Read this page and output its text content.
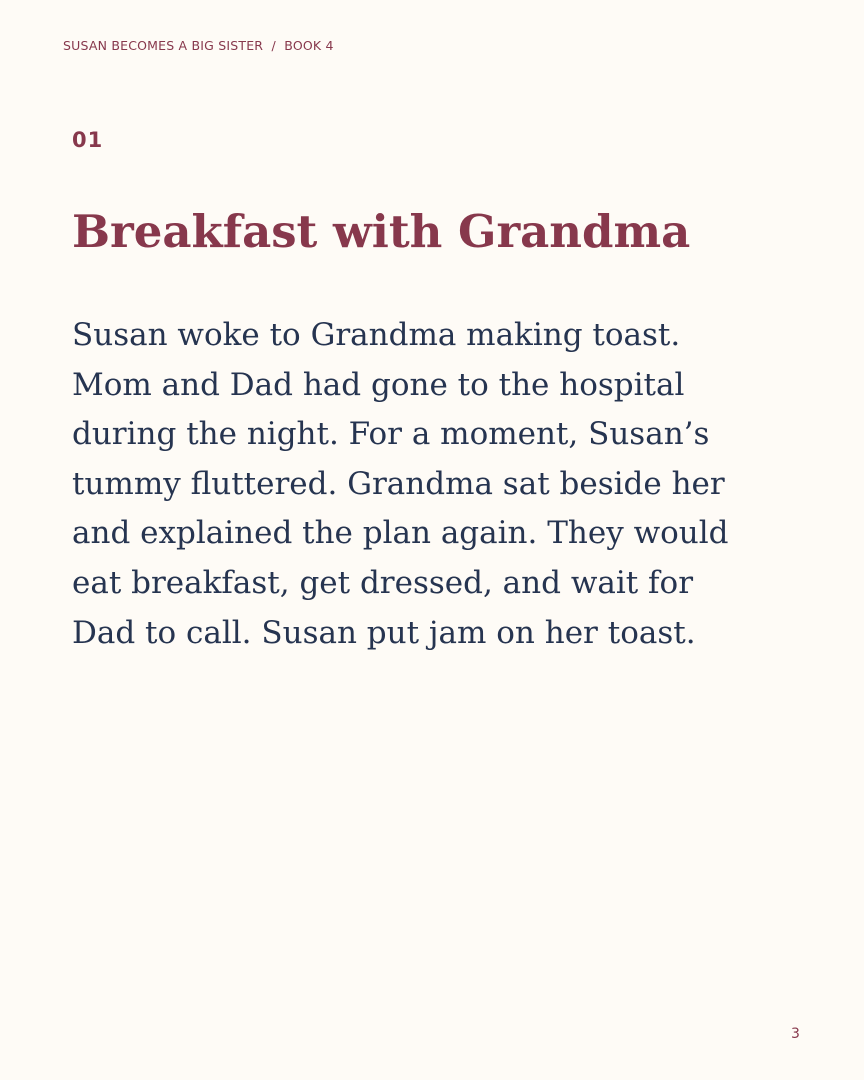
SUSAN BECOMES A BIG SISTER  /  BOOK 4
01
Breakfast with Grandma

Susan woke to Grandma making toast.
Mom and Dad had gone to the hospital
during the night. For a moment, Susan’s
tummy fluttered. Grandma sat beside her
and explained the plan again. They would
eat breakfast, get dressed, and wait for
Dad to call. Susan put jam on her toast.

3
